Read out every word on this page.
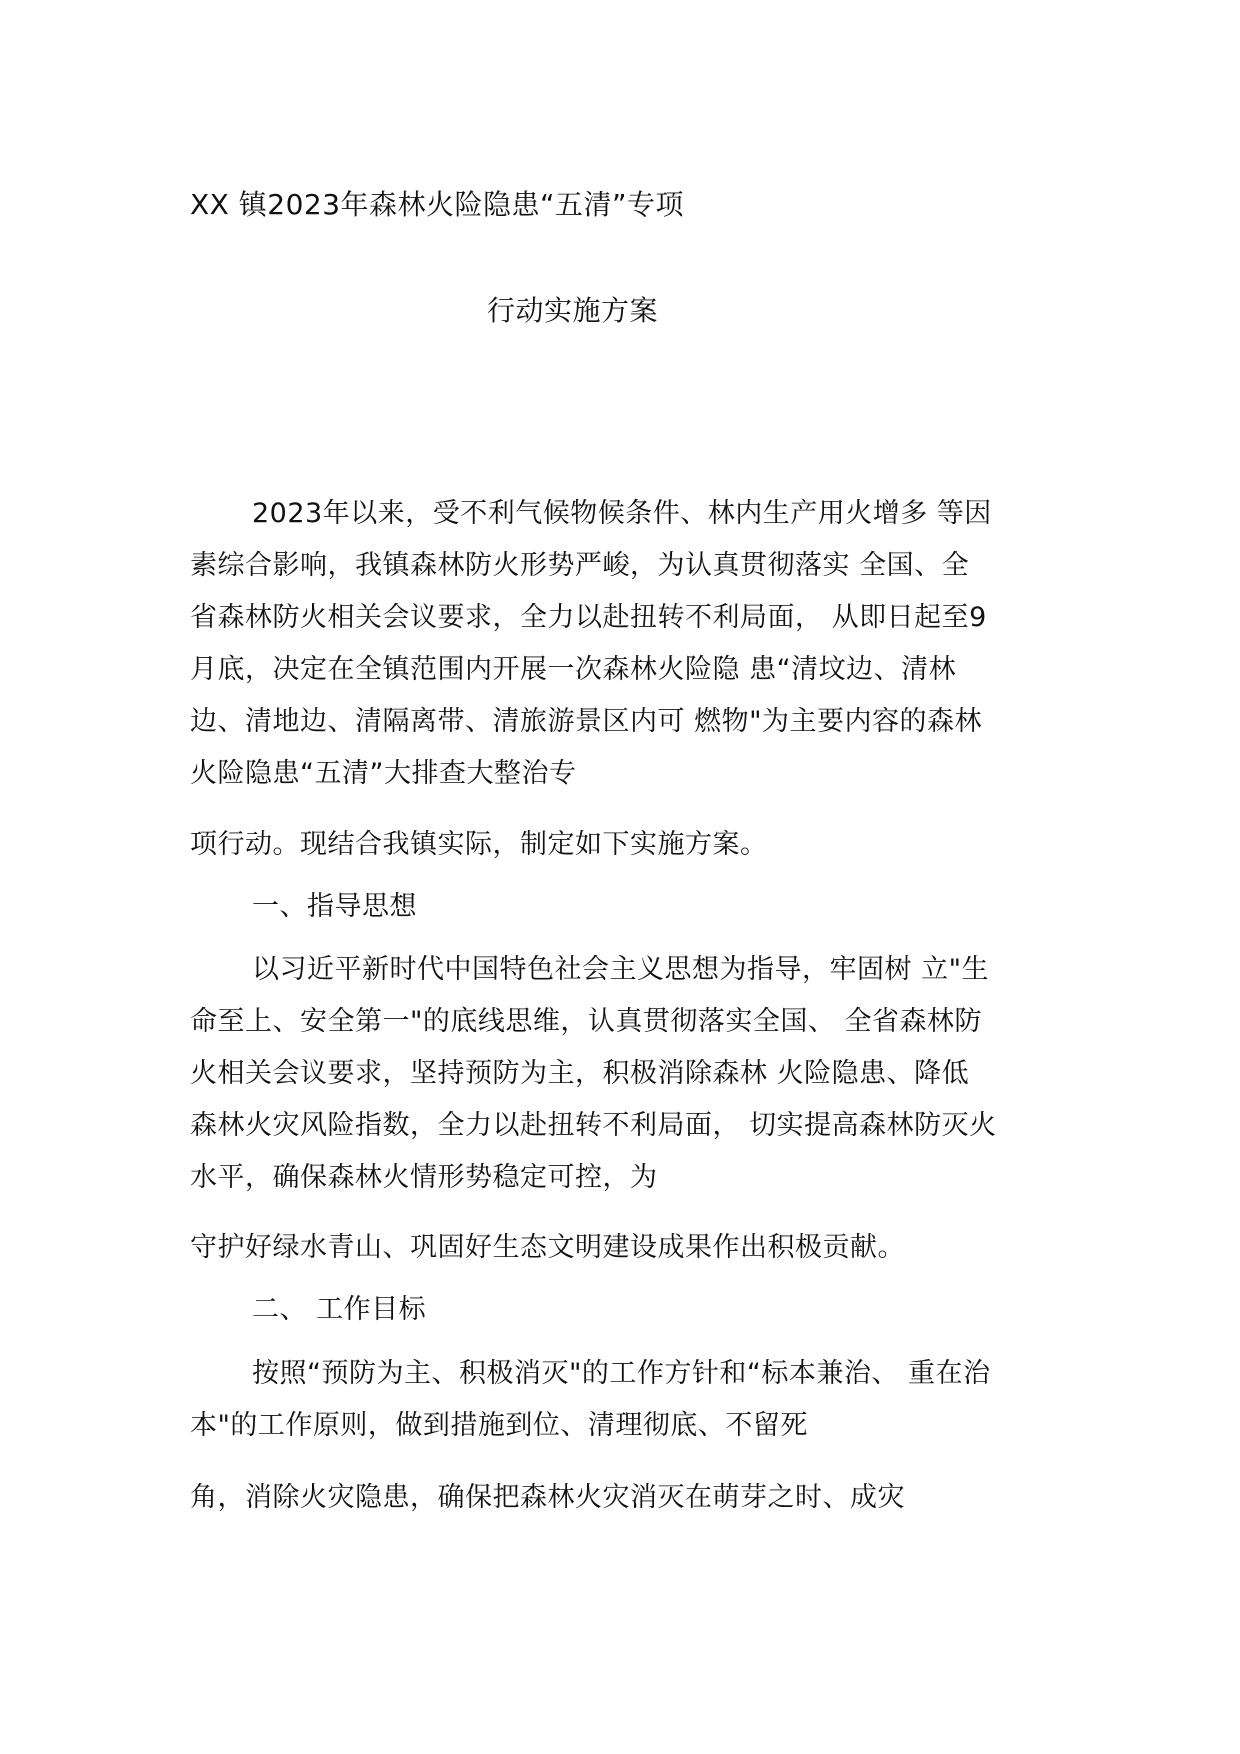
XX 镇2023年森林火险隐患“五清”专项
行动实施方案
2023年以来，受不利气候物候条件、林内生产用火增多 等因
素综合影响，我镇森林防火形势严峻，为认真贯彻落实 全国、全
省森林防火相关会议要求，全力以赴扭转不利局面， 从即日起至9
月底，决定在全镇范围内开展一次森林火险隐 患“清坟边、清林
边、清地边、清隔离带、清旅游景区内可 燃物"为主要内容的森林
火险隐患“五清”大排查大整治专
项行动。现结合我镇实际，制定如下实施方案。
一、指导思想
以习近平新时代中国特色社会主义思想为指导，牢固树 立"生
命至上、安全第一"的底线思维，认真贯彻落实全国、 全省森林防
火相关会议要求，坚持预防为主，积极消除森林 火险隐患、降低
森林火灾风险指数，全力以赴扭转不利局面， 切实提高森林防灭火
水平，确保森林火情形势稳定可控，为
守护好绿水青山、巩固好生态文明建设成果作出积极贡献。
二、 工作目标
按照“预防为主、积极消灭"的工作方针和“标本兼治、 重在治
本"的工作原则，做到措施到位、清理彻底、不留死
角，消除火灾隐患，确保把森林火灾消灭在萌芽之时、成灾
